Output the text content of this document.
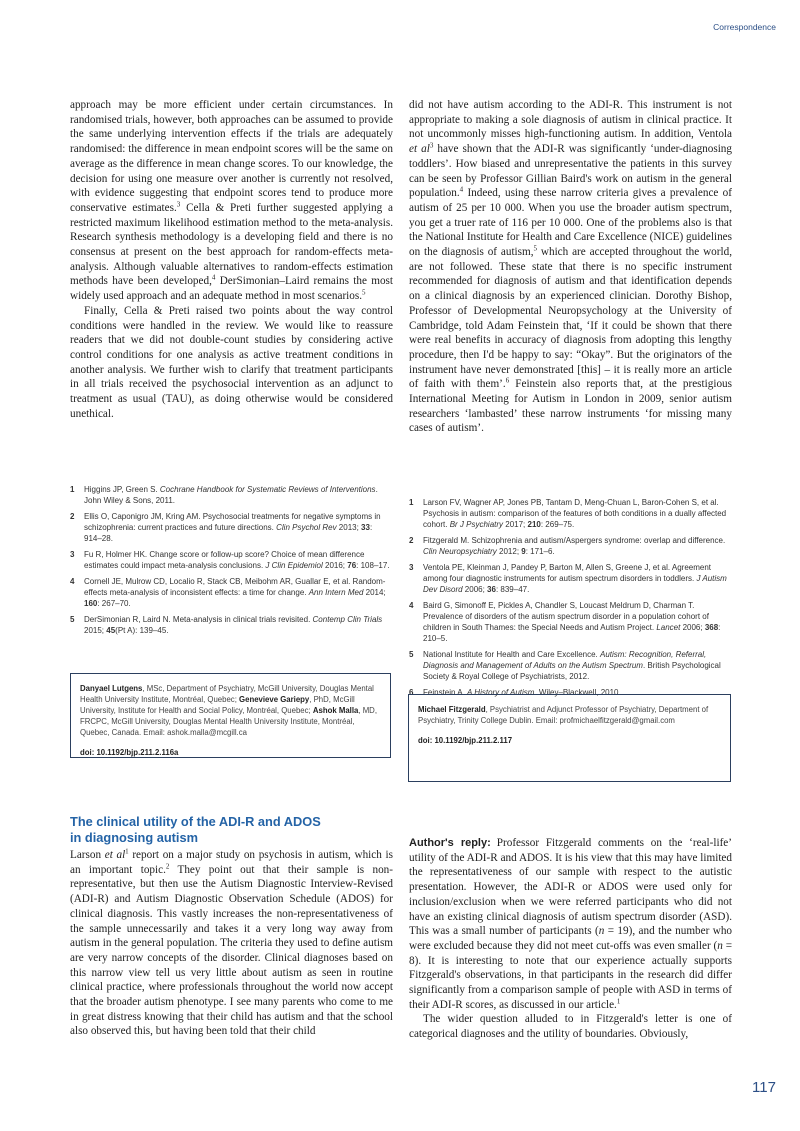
Correspondence

approach may be more efficient under certain circumstances. In randomised trials, however, both approaches can be assumed to provide the same underlying intervention effects if the trials are adequately randomised: the difference in mean endpoint scores will be the same on average as the difference in mean change scores. To our knowledge, the decision for using one measure over another is currently not resolved, with evidence suggesting that endpoint scores tend to produce more conservative estimates.$^3$ Cella & Preti further suggested applying a restricted maximum likelihood estimation method to the meta-analysis. Research synthesis methodology is a developing field and there is no consensus at present on the best approach for random-effects meta-analysis. Although valuable alternatives to random-effects estimation methods have been developed,$^4$ DerSimonian–Laird remains the most widely used approach and an adequate method in most scenarios.$^5$

Finally, Cella & Preti raised two points about the way control conditions were handled in the review. We would like to reassure readers that we did not double-count studies by considering active control conditions for one analysis as active treatment conditions in another analysis. We further wish to clarify that treatment participants in all trials received the psychosocial intervention as an adjunct to treatment as usual (TAU), as doing otherwise would be considered unethical.

1	Higgins JP, Green S. Cochrane Handbook for Systematic Reviews of Interventions. John Wiley & Sons, 2011.
2	Ellis O, Caponigro JM, Kring AM. Psychosocial treatments for negative symptoms in schizophrenia: current practices and future directions. Clin Psychol Rev 2013; 33: 914–28.
3	Fu R, Holmer HK. Change score or follow-up score? Choice of mean difference estimates could impact meta-analysis conclusions. J Clin Epidemiol 2016; 76: 108–17.
4	Cornell JE, Mulrow CD, Localio R, Stack CB, Meibohm AR, Guallar E, et al. Random-effects meta-analysis of inconsistent effects: a time for change. Ann Intern Med 2014; 160: 267–70.
5	DerSimonian R, Laird N. Meta-analysis in clinical trials revisited. Contemp Clin Trials 2015; 45(Pt A): 139–45.
Danyael Lutgens, MSc, Department of Psychiatry, McGill University, Douglas Mental Health University Institute, Montréal, Quebec; Genevieve Gariepy, PhD, McGill University, Institute for Health and Social Policy, Montréal, Quebec; Ashok Malla, MD, FRCPC, McGill University, Douglas Mental Health University Institute, Montréal, Quebec, Canada. Email: ashok.malla@mcgill.ca
doi: 10.1192/bjp.211.2.116a

did not have autism according to the ADI-R. This instrument is not appropriate to making a sole diagnosis of autism in clinical practice. It not uncommonly misses high-functioning autism. In addition, Ventola et $al^3$ have shown that the ADI-R was significantly ‘under-diagnosing toddlers’. How biased and unrepresentative the patients in this survey can be seen by Professor Gillian Baird's work on autism in the general population.$^4$ Indeed, using these narrow criteria gives a prevalence of autism of 25 per 10 000. When you use the broader autism spectrum, you get a truer rate of 116 per 10 000. One of the problems also is that the National Institute for Health and Care Excellence (NICE) guidelines on the diagnosis of autism,$^5$ which are accepted throughout the world, are not followed. These state that there is no specific instrument recommended for diagnosis of autism and that identification depends on a clinical diagnosis by an experienced clinician. Dorothy Bishop, Professor of Developmental Neuropsychology at the University of Cambridge, told Adam Feinstein that, ‘If it could be shown that there were real benefits in accuracy of diagnosis from adopting this lengthy procedure, then I'd be happy to say: “Okay”. But the originators of the instrument have never demonstrated [this] – it is really more an article of faith with them’.$^6$ Feinstein also reports that, at the prestigious International Meeting for Autism in London in 2009, senior autism researchers ‘lambasted’ these narrow instruments ‘for missing many cases of autism’.

1	Larson FV, Wagner AP, Jones PB, Tantam D, Meng-Chuan L, Baron-Cohen S, et al. Psychosis in autism: comparison of the features of both conditions in a dually affected cohort. Br J Psychiatry 2017; 210: 269–75.
2	Fitzgerald M. Schizophrenia and autism/Aspergers syndrome: overlap and difference. Clin Neuropsychiatry 2012; 9: 171–6.
3	Ventola PE, Kleinman J, Pandey P, Barton M, Allen S, Greene J, et al. Agreement among four diagnostic instruments for autism spectrum disorders in toddlers. J Autism Dev Disord 2006; 36: 839–47.
4	Baird G, Simonoff E, Pickles A, Chandler S, Loucast Meldrum D, Charman T. Prevalence of disorders of the autism spectrum disorder in a population cohort of children in South Thames: the Special Needs and Autism Project. Lancet 2006; 368: 210–5.
5	National Institute for Health and Care Excellence. Autism: Recognition, Referral, Diagnosis and Management of Adults on the Autism Spectrum. British Psychological Society & Royal College of Psychiatrists, 2012.
6	Feinstein A. A History of Autism. Wiley–Blackwell, 2010.
Michael Fitzgerald, Psychiatrist and Adjunct Professor of Psychiatry, Department of Psychiatry, Trinity College Dublin. Email: profmichaelfitzgerald@gmail.com
doi: 10.1192/bjp.211.2.117
The clinical utility of the ADI-R and ADOS
in diagnosing autism

Larson et $al^1$ report on a major study on psychosis in autism, which is an important topic.$^2$ They point out that their sample is non-representative, but then use the Autism Diagnostic Interview-Revised (ADI-R) and Autism Diagnostic Observation Schedule (ADOS) for clinical diagnosis. This vastly increases the non-representativeness of the sample unnecessarily and takes it a very long way away from autism in the general population. The criteria they used to define autism are very narrow concepts of the disorder. Clinical diagnoses based on this narrow view tell us very little about autism as seen in routine clinical practice, where professionals throughout the world now accept that the broader autism phenotype. I see many parents who come to me in great distress knowing that their child has autism and that the school also observed this, but having been told that their child

Author's reply: Professor Fitzgerald comments on the ‘real-life’ utility of the ADI-R and ADOS. It is his view that this may have limited the representativeness of our sample with respect to the autistic presentation. However, the ADI-R or ADOS were used only for inclusion/exclusion when we were referred participants who did not have an existing clinical diagnosis of autism spectrum disorder (ASD). This was a small number of participants (n = 19), and the number who were excluded because they did not meet cut-offs was even smaller (n = 8). It is interesting to note that our experience actually supports Fitzgerald's observations, in that participants in the research did differ significantly from a comparison sample of people with ASD in terms of their ADI-R scores, as discussed in our article.$^1$

The wider question alluded to in Fitzgerald's letter is one of categorical diagnoses and the utility of boundaries. Obviously,

117
